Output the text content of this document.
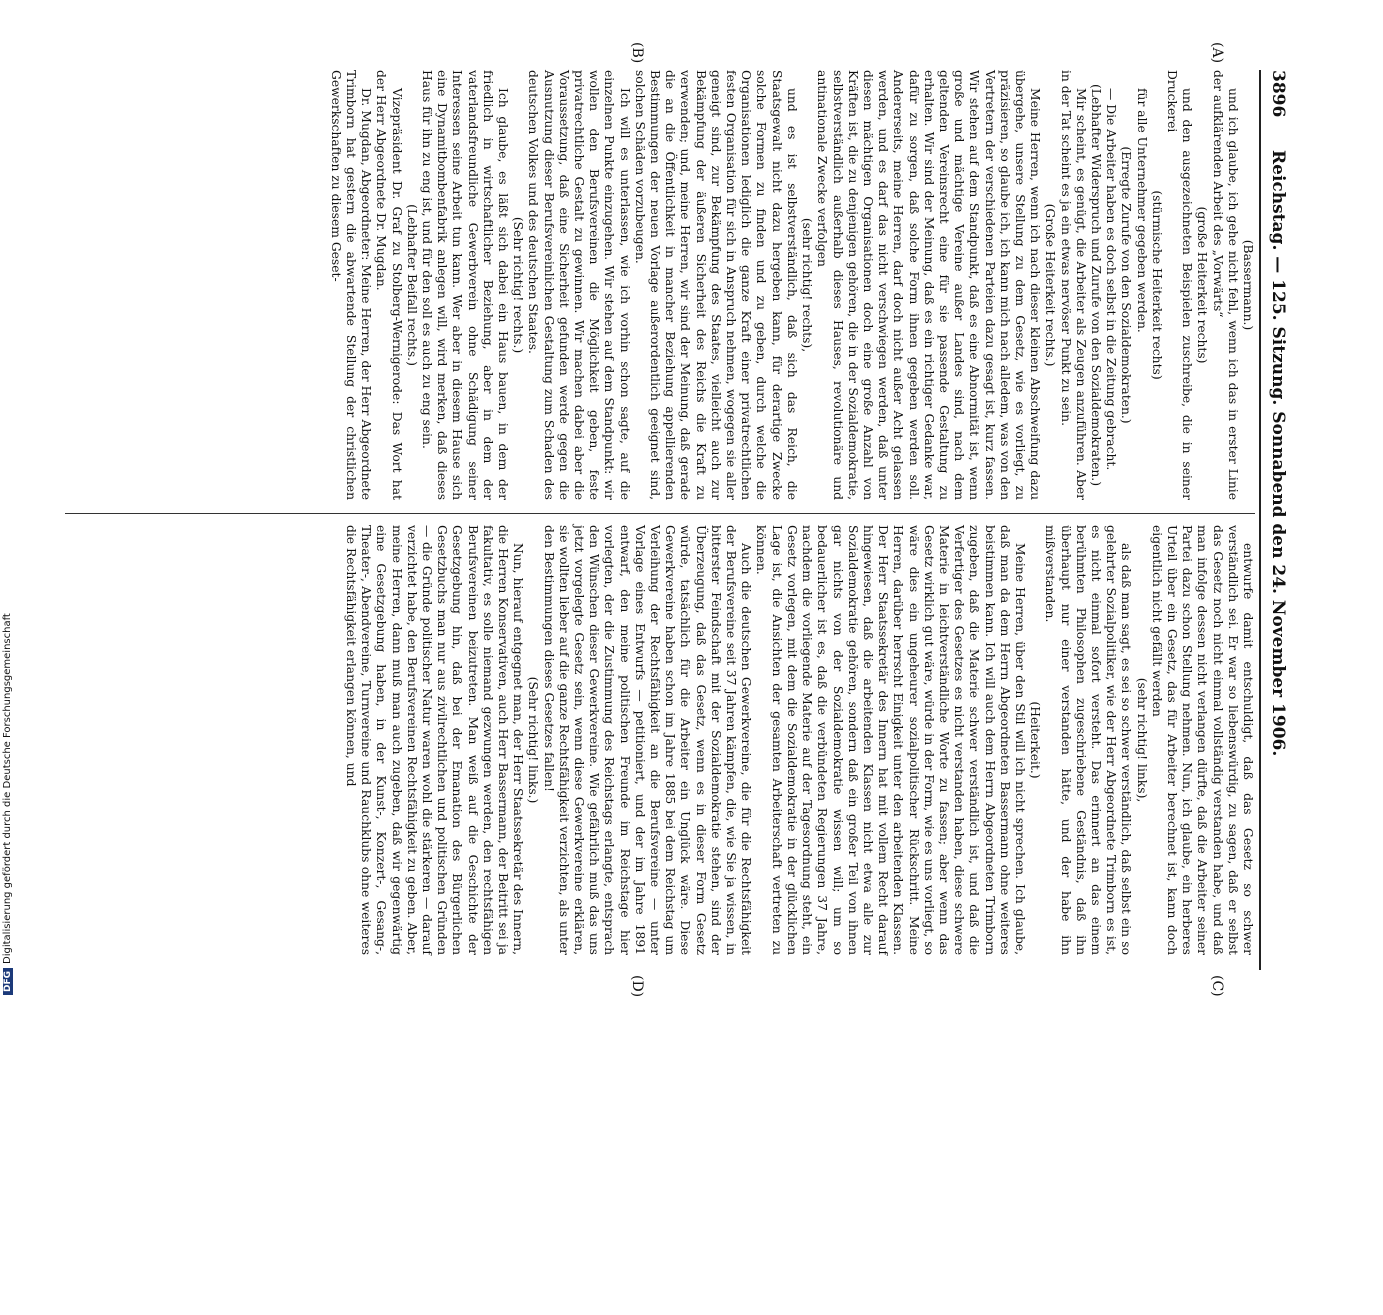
3896
Reichstag. — 125. Sitzung. Sonnabend den 24. November 1906.
(A)
(B)
(C)
(D)
(Bassermann.)
und ich glaube, ich gehe nicht fehl, wenn ich das in erster Linie der aufklärenden Arbeit des „Vorwärts“
(große Heiterkeit rechts)
und den ausgezeichneten Beispielen zuschreibe, die in seiner Druckerei
(stürmische Heiterkeit rechts)
für alle Unternehmer gegeben werden.
(Erregte Zurufe von den Sozialdemokraten.)
— Die Arbeiter haben es doch selbst in die Zeitung gebracht.
(Lebhafter Widerspruch und Zurufe von den Sozialdemokraten.)
Mir scheint, es genügt, die Arbeiter als Zeugen anzuführen. Aber in der Tat scheint es ja ein etwas nervöser Punkt zu sein.
(Große Heiterkeit rechts.)
Meine Herren, wenn ich nach dieser kleinen Abschweifung dazu übergehe, unsere Stellung zu dem Gesetz, wie es vorliegt, zu präzisieren, so glaube ich, ich kann mich nach alledem, was von den Vertretern der verschiedenen Parteien dazu gesagt ist, kurz fassen. Wir stehen auf dem Standpunkt, daß es eine Abnormität ist, wenn große und mächtige Vereine außer Landes sind, nach dem geltenden Vereinsrecht eine für sie passende Gestaltung zu erhalten. Wir sind der Meinung, daß es ein richtiger Gedanke war, dafür zu sorgen, daß solche Form ihnen gegeben werden soll. Andererseits, meine Herren, darf doch nicht außer Acht gelassen werden, und es darf das nicht verschwiegen werden, daß unter diesen mächtigen Organisationen doch eine große Anzahl von Kräften ist, die zu denjenigen gehören, die in der Sozialdemokratie, selbstverständlich außerhalb dieses Hauses, revolutionäre und antinationale Zwecke verfolgen
(sehr richtig! rechts),
und es ist selbstverständlich, daß sich das Reich, die Staatsgewalt nicht dazu hergeben kann, für derartige Zwecke solche Formen zu finden und zu geben, durch welche die Organisationen lediglich die ganze Kraft einer privatrechtlichen festen Organisation für sich in Anspruch nehmen, wogegen sie aller geneigt sind, zur Bekämpfung des Staates, vielleicht auch zur Bekämpfung der äußeren Sicherheit des Reichs die Kraft zu verwenden; und, meine Herren, wir sind der Meinung, daß gerade die an die Öffentlichkeit in mancher Beziehung appellierenden Bestimmungen der neuen Vorlage außerordentlich geeignet sind, solchen Schäden vorzubeugen.
Ich will es unterlassen, wie ich vorhin schon sagte, auf die einzelnen Punkte einzugehen. Wir stehen auf dem Standpunkt: wir wollen den Berufsvereinen die Möglichkeit geben, feste privatrechtliche Gestalt zu gewinnen. Wir machen dabei aber die Voraussetzung, daß eine Sicherheit gefunden werde gegen die Ausnutzung dieser Berufsvereinlichen Gestaltung zum Schaden des deutschen Volkes und des deutschen Staates.
(Sehr richtig! rechts.)
Ich glaube, es läßt sich dabei ein Haus bauen, in dem der friedlich in wirtschaftlicher Beziehung, aber in dem der vaterlandsfreundliche Gewerbverein ohne Schädigung seiner Interessen seine Arbeit tun kann. Wer aber in diesem Hause sich eine Dynamitbombenfabrik anlegen will, wird merken, daß dieses Haus für ihn zu eng ist, und für den soll es auch zu eng sein.
(Lebhafter Beifall rechts.)
Vizepräsident Dr. Graf zu Stolberg-Wernigerode: Das Wort hat der Herr Abgeordnete Dr. Mugdan.
Dr. Mugdan, Abgeordneter: Meine Herren, der Herr Abgeordnete Trimborn hat gestern die abwartende Stellung der christlichen Gewerkschaften zu diesem Geset-
entwurfe damit entschuldigt, daß das Gesetz so schwer verständlich sei. Er war so liebenswürdig, zu sagen, daß er selbst das Gesetz noch nicht einmal vollständig verstanden habe, und daß man infolge dessen nicht verlangen dürfte, daß die Arbeiter seiner Partei dazu schon Stellung nehmen. Nun, ich glaube, ein herberes Urteil über ein Gesetz, das für Arbeiter berechnet ist, kann doch eigentlich nicht gefällt werden
(sehr richtig! links),
als daß man sagt, es sei so schwer verständlich, daß selbst ein so gelehrter Sozialpolitiker, wie der Herr Abgeordnete Trimborn es ist, es nicht einmal sofort versteht. Das erinnert an das einem berühmten Philosophen zugeschriebene Geständnis, daß ihn überhaupt nur einer verstanden hätte, und der habe ihn mißverstanden.
(Heiterkeit.)
Meine Herren, über den Stil will ich nicht sprechen. Ich glaube, daß man da dem Herrn Abgeordneten Bassermann ohne weiteres beistimmen kann. Ich will auch dem Herrn Abgeordneten Trimborn zugeben, daß die Materie schwer verständlich ist, und daß die Verfertiger des Gesetzes es nicht verstanden haben, diese schwere Materie in leichtverständliche Worte zu fassen; aber wenn das Gesetz wirklich gut wäre, würde in der Form, wie es uns vorliegt, so wäre dies ein ungeheurer sozialpolitischer Rückschritt. Meine Herren, darüber herrscht Einigkeit unter den arbeitenden Klassen. Der Herr Staatssekretär des Innern hat mit vollem Recht darauf hingewiesen, daß die arbeitenden Klassen nicht etwa alle zur Sozialdemokratie gehören, sondern daß ein großer Teil von ihnen gar nichts von der Sozialdemokratie wissen will; um so bedauerlicher ist es, daß die verbündeten Regierungen 37 Jahre, nachdem die vorliegende Materie auf der Tagesordnung steht, ein Gesetz vorlegen, mit dem die Sozialdemokratie in der glücklichen Lage ist, die Ansichten der gesamten Arbeiterschaft vertreten zu können.
Auch die deutschen Gewerkvereine, die für die Rechtsfähigkeit der Berufsvereine seit 37 Jahren kämpfen, die, wie Sie ja wissen, in bitterster Feindschaft mit der Sozialdemokratie stehen, sind der Überzeugung, daß das Gesetz, wenn es in dieser Form Gesetz würde, tatsächlich für die Arbeiter ein Unglück wäre. Diese Gewerkvereine haben schon im Jahre 1885 bei dem Reichstag um Verleihung der Rechtsfähigkeit an die Berufsvereine — unter Vorlage eines Entwurfs — petitioniert, und der im Jahre 1891 entwarf, den meine politischen Freunde im Reichstage hier vorlegten, der die Zustimmung des Reichstags erlangte, entsprach den Wünschen dieser Gewerkvereine. Wie gefährlich muß das uns jetzt vorgelegte Gesetz sein, wenn diese Gewerkvereine erklären, sie wollten lieber auf die ganze Rechtsfähigkeit verzichten, als unter den Bestimmungen dieses Gesetzes fallen!
(Sehr richtig! links.)
Nun, hierauf entgegnet man, der Herr Staatssekretär des Innern, die Herren Konservativen, auch Herr Bassermann, der Beitritt sei ja fakultativ, es solle niemand gezwungen werden, den rechtsfähigen Berufsvereinen beizutreten. Man weiß auf die Geschichte der Gesetzgebung hin, daß bei der Emanation des Bürgerlichen Gesetzbuchs man nur aus zivilrechtlichen und politischen Gründen — die Gründe politischer Natur waren wohl die stärkeren — darauf verzichtet habe, den Berufsvereinen Rechtsfähigkeit zu geben. Aber, meine Herren, dann muß man auch zugeben, daß wir gegenwärtig eine Gesetzgebung haben, in der Kunst-, Konzert-, Gesang-, Theater-, Abendvereine, Turnvereine und Rauchklubs ohne weiteres die Rechtsfähigkeit erlangen können, und
DFGDigitalisierung gefördert durch die Deutsche Forschungsgemeinschaft
